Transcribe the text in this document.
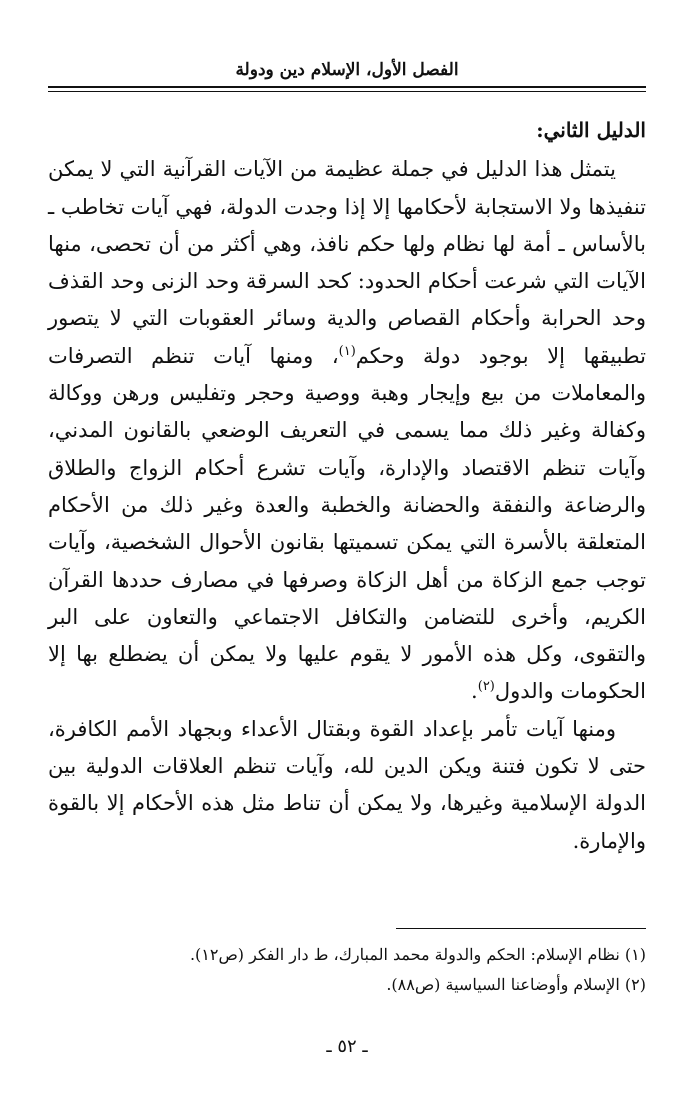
الفصل الأول، الإسلام دين ودولة

الدليل الثاني:

يتمثل هذا الدليل في جملة عظيمة من الآيات القرآنية التي لا يمكن تنفيذها ولا الاستجابة لأحكامها إلا إذا وجدت الدولة، فهي آيات تخاطب ـ بالأساس ـ أمة لها نظام ولها حكم نافذ، وهي أكثر من أن تحصى، منها الآيات التي شرعت أحكام الحدود: كحد السرقة وحد الزنى وحد القذف وحد الحرابة وأحكام القصاص والدية وسائر العقوبات التي لا يتصور تطبيقها إلا بوجود دولة وحكم$^{(١)}$، ومنها آيات تنظم التصرفات والمعاملات من بيع وإيجار وهبة ووصية وحجر وتفليس ورهن ووكالة وكفالة وغير ذلك مما يسمى في التعريف الوضعي بالقانون المدني، وآيات تنظم الاقتصاد والإدارة، وآيات تشرع أحكام الزواج والطلاق والرضاعة والنفقة والحضانة والخطبة والعدة وغير ذلك من الأحكام المتعلقة بالأسرة التي يمكن تسميتها بقانون الأحوال الشخصية، وآيات توجب جمع الزكاة من أهل الزكاة وصرفها في مصارف حددها القرآن الكريم، وأخرى للتضامن والتكافل الاجتماعي والتعاون على البر والتقوى، وكل هذه الأمور لا يقوم عليها ولا يمكن أن يضطلع بها إلا الحكومات والدول$^{(٢)}$.

ومنها آيات تأمر بإعداد القوة وبقتال الأعداء وبجهاد الأمم الكافرة، حتى لا تكون فتنة ويكن الدين لله، وآيات تنظم العلاقات الدولية بين الدولة الإسلامية وغيرها، ولا يمكن أن تناط مثل هذه الأحكام إلا بالقوة والإمارة.

(١) نظام الإسلام: الحكم والدولة محمد المبارك، ط دار الفكر (ص١٢).

(٢) الإسلام وأوضاعنا السياسية (ص٨٨).

ـ ٥٢ ـ
